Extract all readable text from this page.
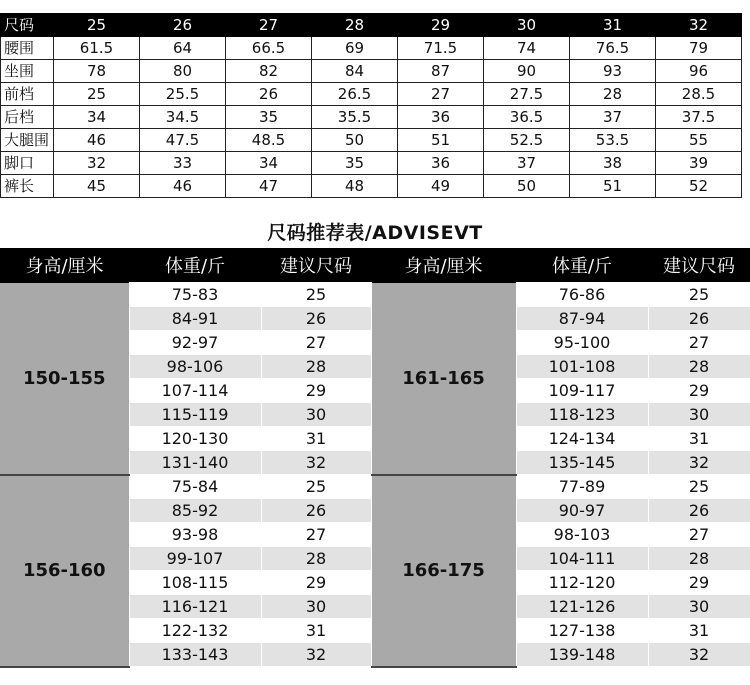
尺码	25	26	27	28	29	30	31	32
腰围	61.5	64	66.5	69	71.5	74	76.5	79
坐围	78	80	82	84	87	90	93	96
前档	25	25.5	26	26.5	27	27.5	28	28.5
后档	34	34.5	35	35.5	36	36.5	37	37.5
大腿围	46	47.5	48.5	50	51	52.5	53.5	55
脚口	32	33	34	35	36	37	38	39
裤长	45	46	47	48	49	50	51	52
尺码推荐表/ADVISEVT
身高/厘米	体重/斤	建议尺码	身高/厘米	体重/斤	建议尺码
150-155	75-83	25	161-165	76-86	25
	84-91	26		87-94	26
	92-97	27		95-100	27
	98-106	28		101-108	28
	107-114	29		109-117	29
	115-119	30		118-123	30
	120-130	31		124-134	31
	131-140	32		135-145	32
156-160	75-84	25	166-175	77-89	25
	85-92	26		90-97	26
	93-98	27		98-103	27
	99-107	28		104-111	28
	108-115	29		112-120	29
	116-121	30		121-126	30
	122-132	31		127-138	31
	133-143	32		139-148	32
